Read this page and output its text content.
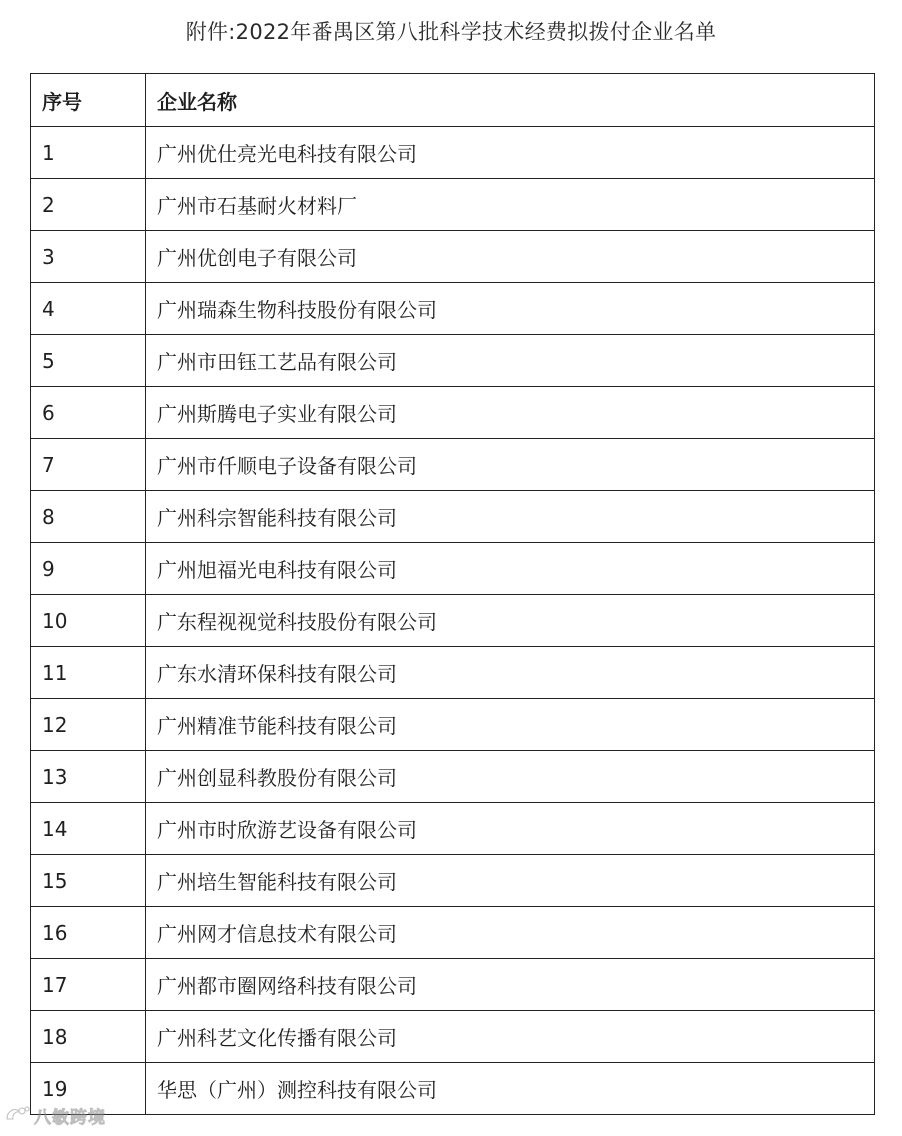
附件:2022年番禺区第八批科学技术经费拟拨付企业名单
序号	企业名称
1	广州优仕亮光电科技有限公司
2	广州市石基耐火材料厂
3	广州优创电子有限公司
4	广州瑞森生物科技股份有限公司
5	广州市田钰工艺品有限公司
6	广州斯腾电子实业有限公司
7	广州市仟顺电子设备有限公司
8	广州科宗智能科技有限公司
9	广州旭福光电科技有限公司
10	广东程视视觉科技股份有限公司
11	广东水清环保科技有限公司
12	广州精准节能科技有限公司
13	广州创显科教股份有限公司
14	广州市时欣游艺设备有限公司
15	广州培生智能科技有限公司
16	广州网才信息技术有限公司
17	广州都市圈网络科技有限公司
18	广州科艺文化传播有限公司
19	华思（广州）测控科技有限公司
八敏跨境
